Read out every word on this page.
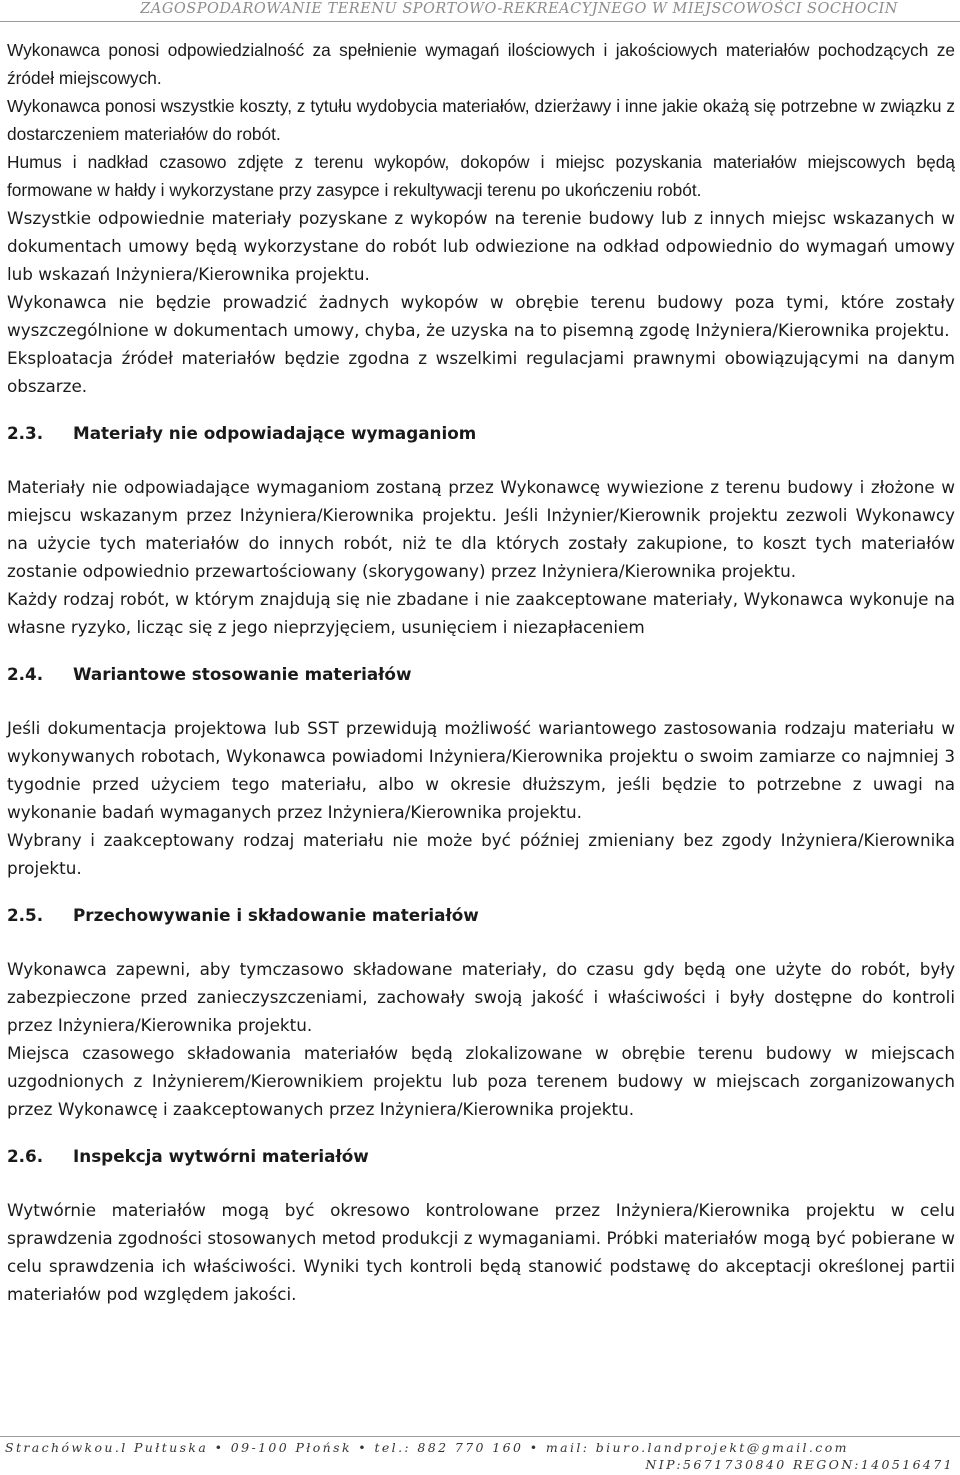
ZAGOSPODAROWANIE TERENU SPORTOWO-REKREACYJNEGO W MIEJSCOWOŚCI SOCHOCIN

Wykonawca ponosi odpowiedzialność za spełnienie wymagań ilościowych i jakościowych materiałów pochodzących ze źródeł miejscowych.

Wykonawca ponosi wszystkie koszty, z tytułu wydobycia materiałów, dzierżawy i inne jakie okażą się potrzebne w związku z dostarczeniem materiałów do robót.

Humus i nadkład czasowo zdjęte z terenu wykopów, dokopów i miejsc pozyskania materiałów miejscowych będą formowane w hałdy i wykorzystane przy zasypce i rekultywacji terenu po ukończeniu robót.

Wszystkie odpowiednie materiały pozyskane z wykopów na terenie budowy lub z innych miejsc wskazanych w dokumentach umowy będą wykorzystane do robót lub odwiezione na odkład odpowiednio do wymagań umowy lub wskazań Inżyniera/Kierownika projektu.

Wykonawca nie będzie prowadzić żadnych wykopów w obrębie terenu budowy poza tymi, które zostały wyszczególnione w dokumentach umowy, chyba, że uzyska na to pisemną zgodę Inżyniera/Kierownika projektu.

Eksploatacja źródeł materiałów będzie zgodna z wszelkimi regulacjami prawnymi obowiązującymi na danym obszarze.

2.3. Materiały nie odpowiadające wymaganiom

Materiały nie odpowiadające wymaganiom zostaną przez Wykonawcę wywiezione z terenu budowy i złożone w miejscu wskazanym przez Inżyniera/Kierownika projektu. Jeśli Inżynier/Kierownik projektu zezwoli Wykonawcy na użycie tych materiałów do innych robót, niż te dla których zostały zakupione, to koszt tych materiałów zostanie odpowiednio przewartościowany (skorygowany) przez Inżyniera/Kierownika projektu.

Każdy rodzaj robót, w którym znajdują się nie zbadane i nie zaakceptowane materiały, Wykonawca wykonuje na własne ryzyko, licząc się z jego nieprzyjęciem, usunięciem i niezapłaceniem

2.4. Wariantowe stosowanie materiałów

Jeśli dokumentacja projektowa lub SST przewidują możliwość wariantowego zastosowania rodzaju materiału w wykonywanych robotach, Wykonawca powiadomi Inżyniera/Kierownika projektu o swoim zamiarze co najmniej 3 tygodnie przed użyciem tego materiału, albo w okresie dłuższym, jeśli będzie to potrzebne z uwagi na wykonanie badań wymaganych przez Inżyniera/Kierownika projektu.

Wybrany i zaakceptowany rodzaj materiału nie może być później zmieniany bez zgody Inżyniera/Kierownika projektu.

2.5. Przechowywanie i składowanie materiałów

Wykonawca zapewni, aby tymczasowo składowane materiały, do czasu gdy będą one użyte do robót, były zabezpieczone przed zanieczyszczeniami, zachowały swoją jakość i właściwości i były dostępne do kontroli przez Inżyniera/Kierownika projektu.

Miejsca czasowego składowania materiałów będą zlokalizowane w obrębie terenu budowy w miejscach uzgodnionych z Inżynierem/Kierownikiem projektu lub poza terenem budowy w miejscach zorganizowanych przez Wykonawcę i zaakceptowanych przez Inżyniera/Kierownika projektu.

2.6. Inspekcja wytwórni materiałów

Wytwórnie materiałów mogą być okresowo kontrolowane przez Inżyniera/Kierownika projektu w celu sprawdzenia zgodności stosowanych metod produkcji z wymaganiami. Próbki materiałów mogą być pobierane w celu sprawdzenia ich właściwości. Wyniki tych kontroli będą stanowić podstawę do akceptacji określonej partii materiałów pod względem jakości.

Strachówkou.l Pułtuska • 09-100 Płońsk • tel.: 882 770 160 • mail: biuro.landprojekt@gmail.com
NIP:5671730840 REGON:140516471
